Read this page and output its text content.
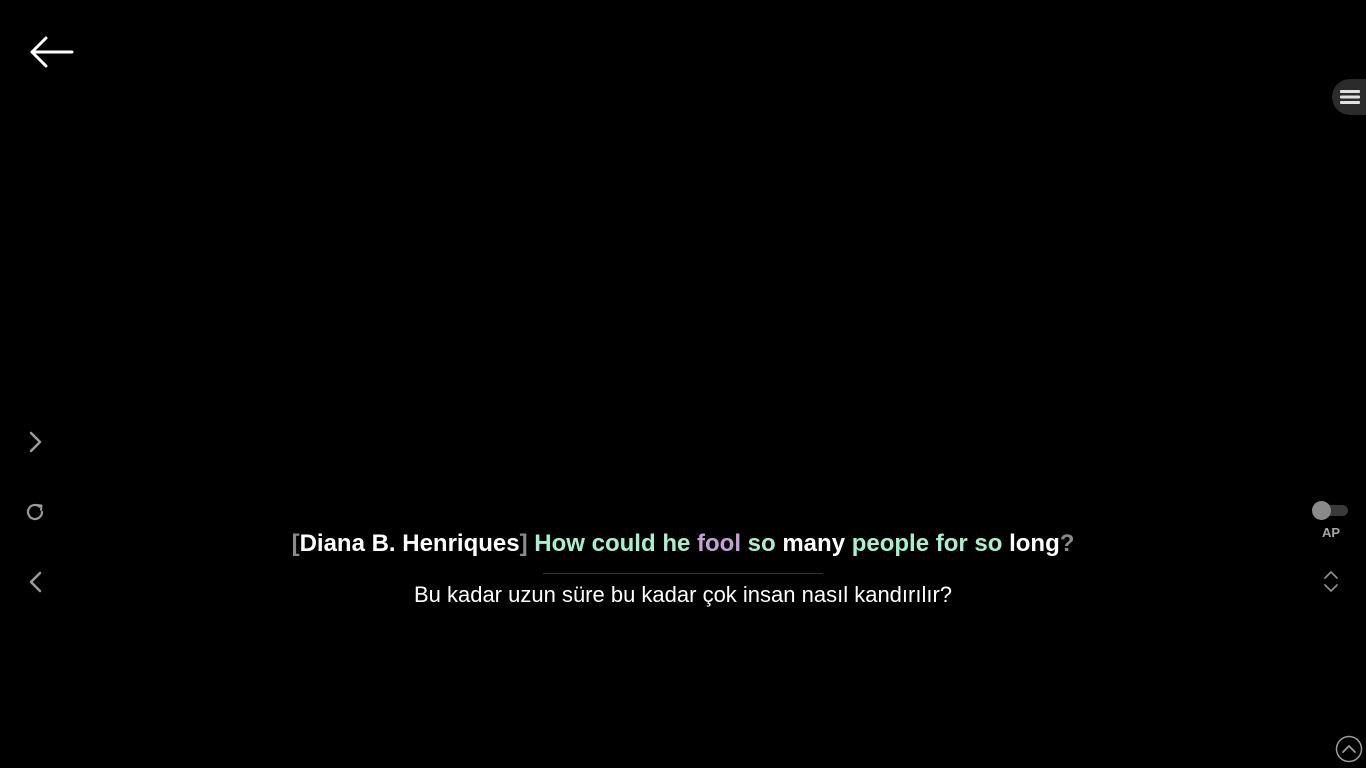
[Diana B. Henriques] How could he fool so many people for so long?
Bu kadar uzun süre bu kadar çok insan nasıl kandırılır?
AP
